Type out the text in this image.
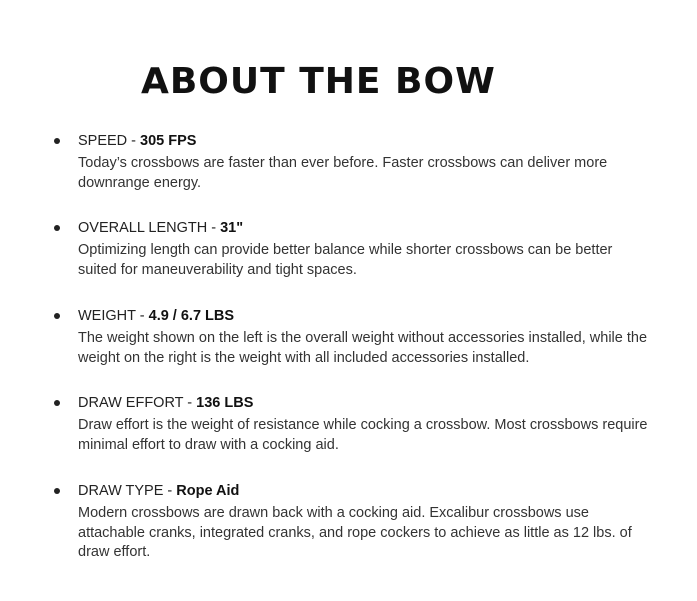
ABOUT THE BOW

SPEED - 305 FPS

Today’s crossbows are faster than ever before. Faster crossbows can deliver more downrange energy.

OVERALL LENGTH - 31"

Optimizing length can provide better balance while shorter crossbows can be better suited for maneuverability and tight spaces.

WEIGHT - 4.9 / 6.7 LBS

The weight shown on the left is the overall weight without accessories installed, while the weight on the right is the weight with all included accessories installed.

DRAW EFFORT - 136 LBS

Draw effort is the weight of resistance while cocking a crossbow. Most crossbows require minimal effort to draw with a cocking aid.

DRAW TYPE - Rope Aid

Modern crossbows are drawn back with a cocking aid. Excalibur crossbows use attachable cranks, integrated cranks, and rope cockers to achieve as little as 12 lbs. of draw effort.
